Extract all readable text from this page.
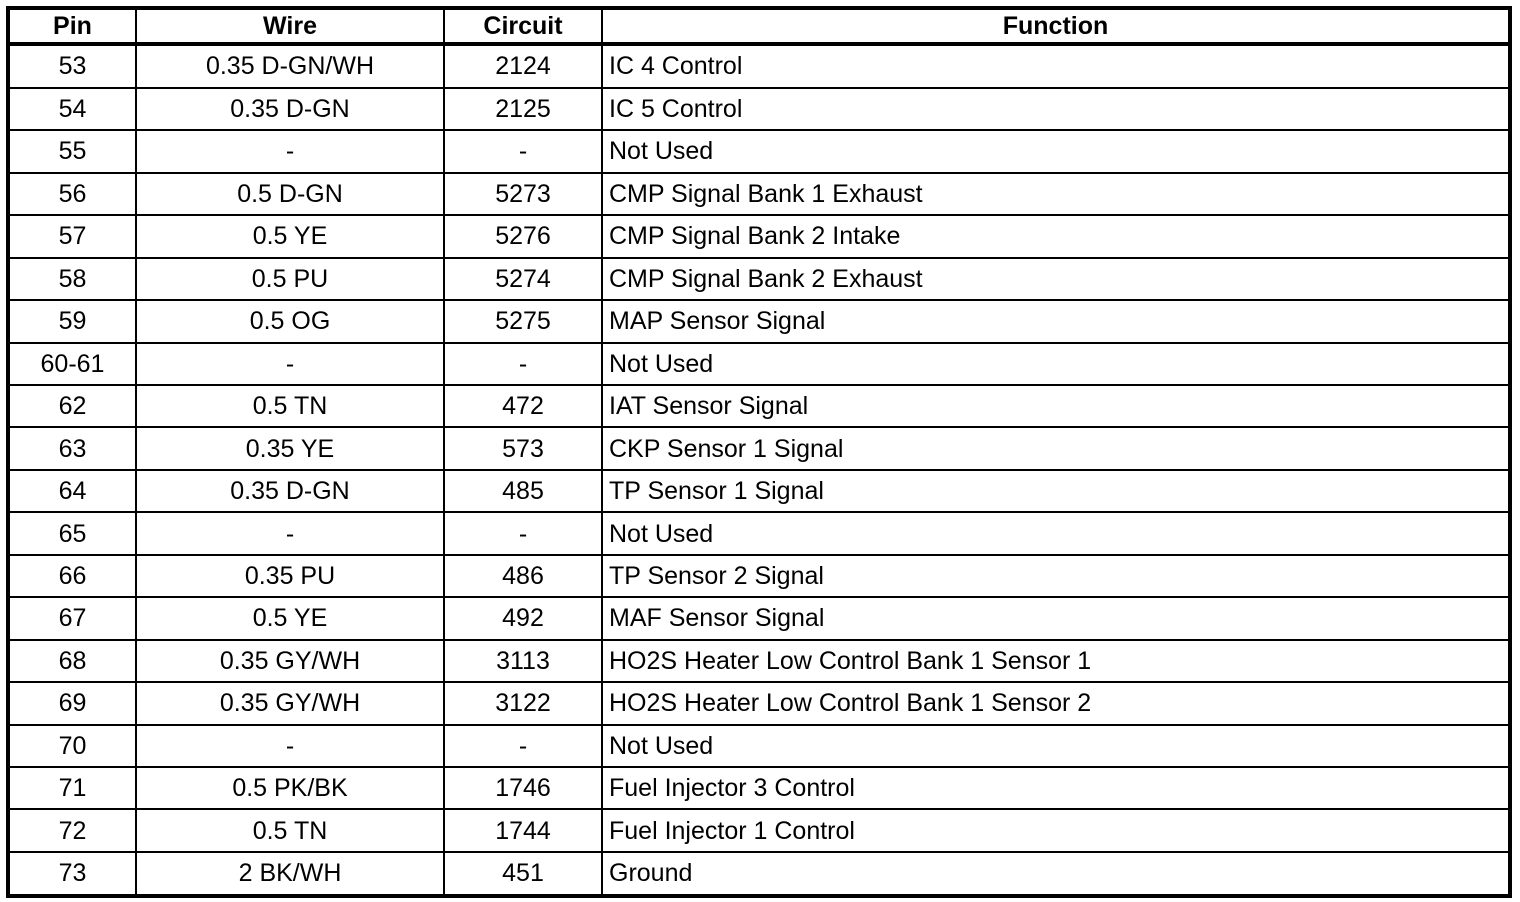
Pin	Wire	Circuit	Function
53	0.35 D-GN/WH	2124	IC 4 Control
54	0.35 D-GN	2125	IC 5 Control
55	-	-	Not Used
56	0.5 D-GN	5273	CMP Signal Bank 1 Exhaust
57	0.5 YE	5276	CMP Signal Bank 2 Intake
58	0.5 PU	5274	CMP Signal Bank 2 Exhaust
59	0.5 OG	5275	MAP Sensor Signal
60-61	-	-	Not Used
62	0.5 TN	472	IAT Sensor Signal
63	0.35 YE	573	CKP Sensor 1 Signal
64	0.35 D-GN	485	TP Sensor 1 Signal
65	-	-	Not Used
66	0.35 PU	486	TP Sensor 2 Signal
67	0.5 YE	492	MAF Sensor Signal
68	0.35 GY/WH	3113	HO2S Heater Low Control Bank 1 Sensor 1
69	0.35 GY/WH	3122	HO2S Heater Low Control Bank 1 Sensor 2
70	-	-	Not Used
71	0.5 PK/BK	1746	Fuel Injector 3 Control
72	0.5 TN	1744	Fuel Injector 1 Control
73	2 BK/WH	451	Ground
